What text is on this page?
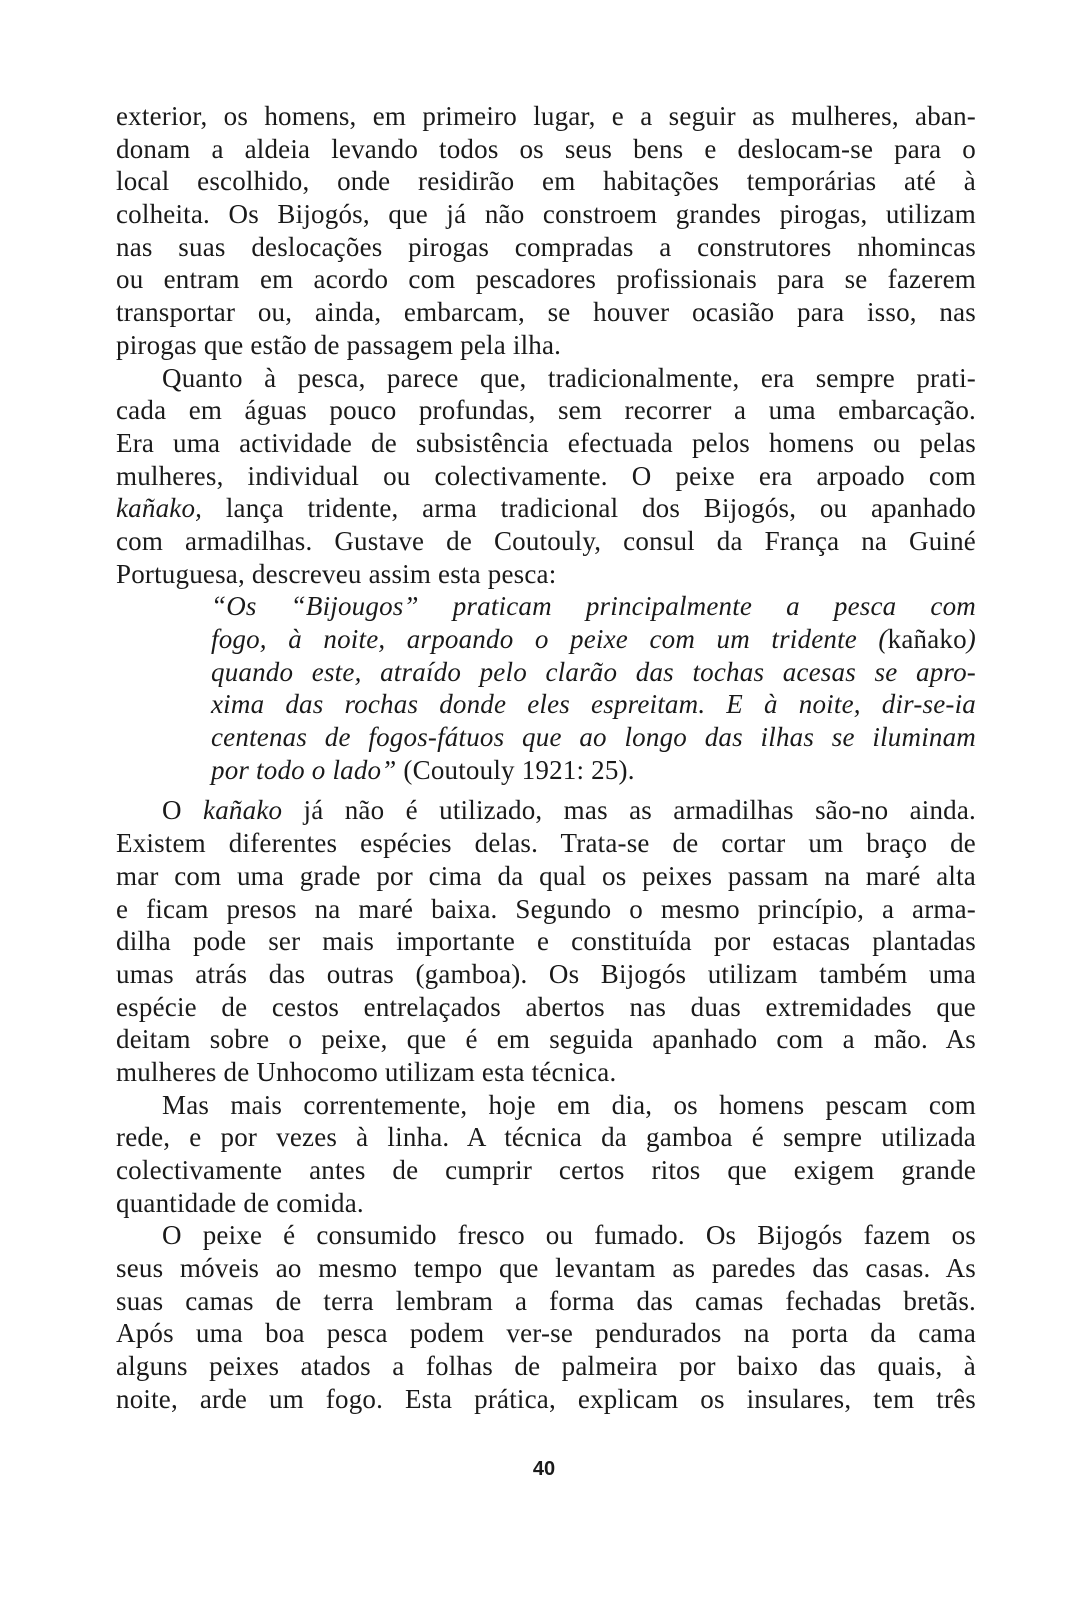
exterior, os homens, em primeiro lugar, e a seguir as mulheres, aban-
donam a aldeia levando todos os seus bens e deslocam-se para o
local escolhido, onde residirão em habitações temporárias até à
colheita. Os Bijogós, que já não constroem grandes pirogas, utilizam
nas suas deslocações pirogas compradas a construtores nhomincas
ou entram em acordo com pescadores profissionais para se fazerem
transportar ou, ainda, embarcam, se houver ocasião para isso, nas
pirogas que estão de passagem pela ilha.
Quanto à pesca, parece que, tradicionalmente, era sempre prati-
cada em águas pouco profundas, sem recorrer a uma embarcação.
Era uma actividade de subsistência efectuada pelos homens ou pelas
mulheres, individual ou colectivamente. O peixe era arpoado com
kañako, lança tridente, arma tradicional dos Bijogós, ou apanhado
com armadilhas. Gustave de Coutouly, consul da França na Guiné
Portuguesa, descreveu assim esta pesca:
“Os “Bijougos” praticam principalmente a pesca com
fogo, à noite, arpoando o peixe com um tridente (kañako)
quando este, atraído pelo clarão das tochas acesas se apro-
xima das rochas donde eles espreitam. E à noite, dir-se-ia
centenas de fogos-fátuos que ao longo das ilhas se iluminam
por todo o lado” (Coutouly 1921: 25).
O kañako já não é utilizado, mas as armadilhas são-no ainda.
Existem diferentes espécies delas. Trata-se de cortar um braço de
mar com uma grade por cima da qual os peixes passam na maré alta
e ficam presos na maré baixa. Segundo o mesmo princípio, a arma-
dilha pode ser mais importante e constituída por estacas plantadas
umas atrás das outras (gamboa). Os Bijogós utilizam também uma
espécie de cestos entrelaçados abertos nas duas extremidades que
deitam sobre o peixe, que é em seguida apanhado com a mão. As
mulheres de Unhocomo utilizam esta técnica.
Mas mais correntemente, hoje em dia, os homens pescam com
rede, e por vezes à linha. A técnica da gamboa é sempre utilizada
colectivamente antes de cumprir certos ritos que exigem grande
quantidade de comida.
O peixe é consumido fresco ou fumado. Os Bijogós fazem os
seus móveis ao mesmo tempo que levantam as paredes das casas. As
suas camas de terra lembram a forma das camas fechadas bretãs.
Após uma boa pesca podem ver-se pendurados na porta da cama
alguns peixes atados a folhas de palmeira por baixo das quais, à
noite, arde um fogo. Esta prática, explicam os insulares, tem três
40
